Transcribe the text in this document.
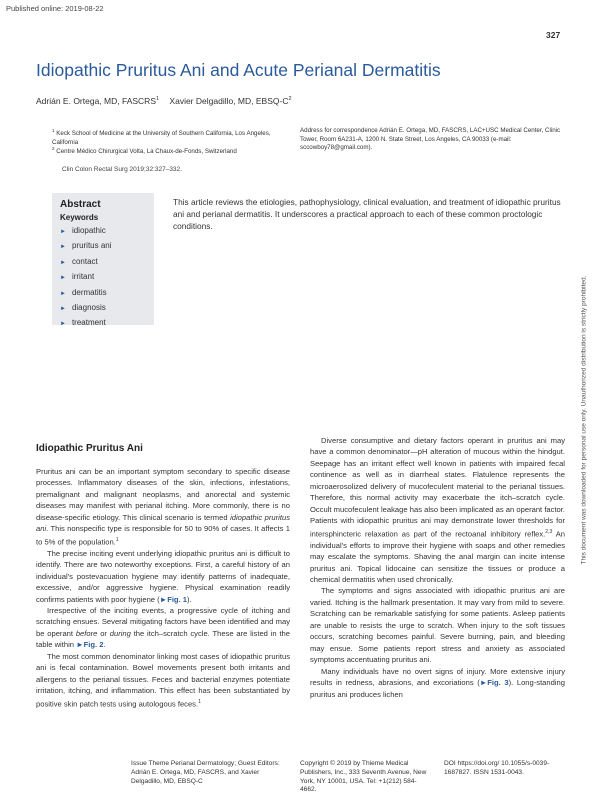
Published online: 2019-08-22
327
This document was downloaded for personal use only. Unauthorized distribution is strictly prohibited.
Idiopathic Pruritus Ani and Acute Perianal Dermatitis
Adrián E. Ortega, MD, FASCRS$^1$ Xavier Delgadillo, MD, EBSQ-$C^2$
$^1$ Keck School of Medicine at the University of Southern California, Los Angeles, California
$^2$ Centre Médico Chirurgical Volta, La Chaux-de-Fonds, Switzerland
Address for correspondence Adrián E. Ortega, MD, FASCRS, LAC+USC Medical Center, Clinic Tower, Room 6A231-A, 1200 N. State Street, Los Angeles, CA 90033 (e-mail: sccowboy78@gmail.com).
Clin Colon Rectal Surg 2019;32:327–332.
Abstract
Keywords
► idiopathic
► pruritus ani
► contact
► irritant
► dermatitis
► diagnosis
► treatment
This article reviews the etiologies, pathophysiology, clinical evaluation, and treatment of idiopathic pruritus ani and perianal dermatitis. It underscores a practical approach to each of these common proctologic conditions.
Idiopathic Pruritus Ani

Pruritus ani can be an important symptom secondary to specific disease processes. Inflammatory diseases of the skin, infections, infestations, premalignant and malignant neoplasms, and anorectal and systemic diseases may manifest with perianal itching. More commonly, there is no disease-specific etiology. This clinical scenario is termed idiopathic pruritus ani. This nonspecific type is responsible for 50 to 90% of cases. It affects 1 to 5% of the population.$^1$

The precise inciting event underlying idiopathic pruritus ani is difficult to identify. There are two noteworthy exceptions. First, a careful history of an individual's postevacuation hygiene may identify patterns of inadequate, excessive, and/or aggressive hygiene. Physical examination readily confirms patients with poor hygiene (►Fig. 1).

Irrespective of the inciting events, a progressive cycle of itching and scratching ensues. Several mitigating factors have been identified and may be operant before or during the itch–scratch cycle. These are listed in the table within ►Fig. 2.

The most common denominator linking most cases of idiopathic pruritus ani is fecal contamination. Bowel movements present both irritants and allergens to the perianal tissues. Feces and bacterial enzymes potentiate irritation, itching, and inflammation. This effect has been substantiated by positive skin patch tests using autologous feces.$^1$

Diverse consumptive and dietary factors operant in pruritus ani may have a common denominator—pH alteration of mucous within the hindgut. Seepage has an irritant effect well known in patients with impaired fecal continence as well as in diarrheal states. Flatulence represents the microaerosolized delivery of mucofeculent material to the perianal tissues. Therefore, this normal activity may exacerbate the itch–scratch cycle. Occult mucofeculent leakage has also been implicated as an operant factor. Patients with idiopathic pruritus ani may demonstrate lower thresholds for intersphincteric relaxation as part of the rectoanal inhibitory reflex.$^{2,3}$ An individual's efforts to improve their hygiene with soaps and other remedies may escalate the symptoms. Shaving the anal margin can incite intense pruritus ani. Topical lidocaine can sensitize the tissues or produce a chemical dermatitis when used chronically.

The symptoms and signs associated with idiopathic pruritus ani are varied. Itching is the hallmark presentation. It may vary from mild to severe. Scratching can be remarkable satisfying for some patients. Asleep patients are unable to resists the urge to scratch. When injury to the soft tissues occurs, scratching becomes painful. Severe burning, pain, and bleeding may ensue. Some patients report stress and anxiety as associated symptoms accentuating pruritus ani.

Many individuals have no overt signs of injury. More extensive injury results in redness, abrasions, and excoriations (►Fig. 3). Long-standing pruritus ani produces lichen

Issue Theme Perianal Dermatology; Guest Editors: Adrián E. Ortega, MD, FASCRS, and Xavier Delgadillo, MD, EBSQ-C
Copyright © 2019 by Thieme Medical Publishers, Inc., 333 Seventh Avenue, New York, NY 10001, USA. Tel: +1(212) 584-4662.
DOI https://doi.org/ 10.1055/s-0039-1687827. ISSN 1531-0043.
